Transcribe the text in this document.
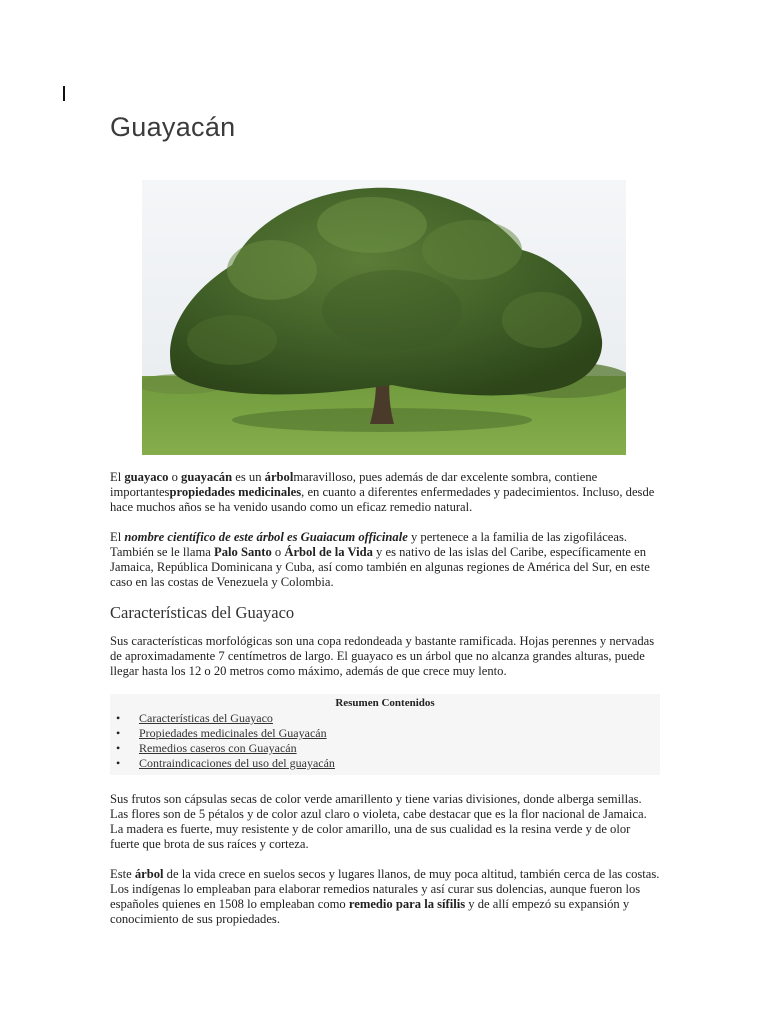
Guayacán

El guayaco o guayacán es un árbolmaravilloso, pues además de dar excelente sombra, contiene importantespropiedades medicinales, en cuanto a diferentes enfermedades y padecimientos. Incluso, desde hace muchos años se ha venido usando como un eficaz remedio natural.

El nombre científico de este árbol es Guaiacum officinale y pertenece a la familia de las zigofiláceas. También se le llama Palo Santo o Árbol de la Vida y es nativo de las islas del Caribe, específicamente en Jamaica, República Dominicana y Cuba, así como también en algunas regiones de América del Sur, en este caso en las costas de Venezuela y Colombia.

Características del Guayaco

Sus características morfológicas son una copa redondeada y bastante ramificada. Hojas perennes y nervadas de aproximadamente 7 centímetros de largo. El guayaco es un árbol que no alcanza grandes alturas, puede llegar hasta los 12 o 20 metros como máximo, además de que crece muy lento.

Resumen Contenidos
• Características del Guayaco
• Propiedades medicinales del Guayacán
• Remedios caseros con Guayacán
• Contraindicaciones del uso del guayacán

Sus frutos son cápsulas secas de color verde amarillento y tiene varias divisiones, donde alberga semillas. Las flores son de 5 pétalos y de color azul claro o violeta, cabe destacar que es la flor nacional de Jamaica. La madera es fuerte, muy resistente y de color amarillo, una de sus cualidad es la resina verde y de olor fuerte que brota de sus raíces y corteza.

Este árbol de la vida crece en suelos secos y lugares llanos, de muy poca altitud, también cerca de las costas. Los indígenas lo empleaban para elaborar remedios naturales y así curar sus dolencias, aunque fueron los españoles quienes en 1508 lo empleaban como remedio para la sífilis y de allí empezó su expansión y conocimiento de sus propiedades.
